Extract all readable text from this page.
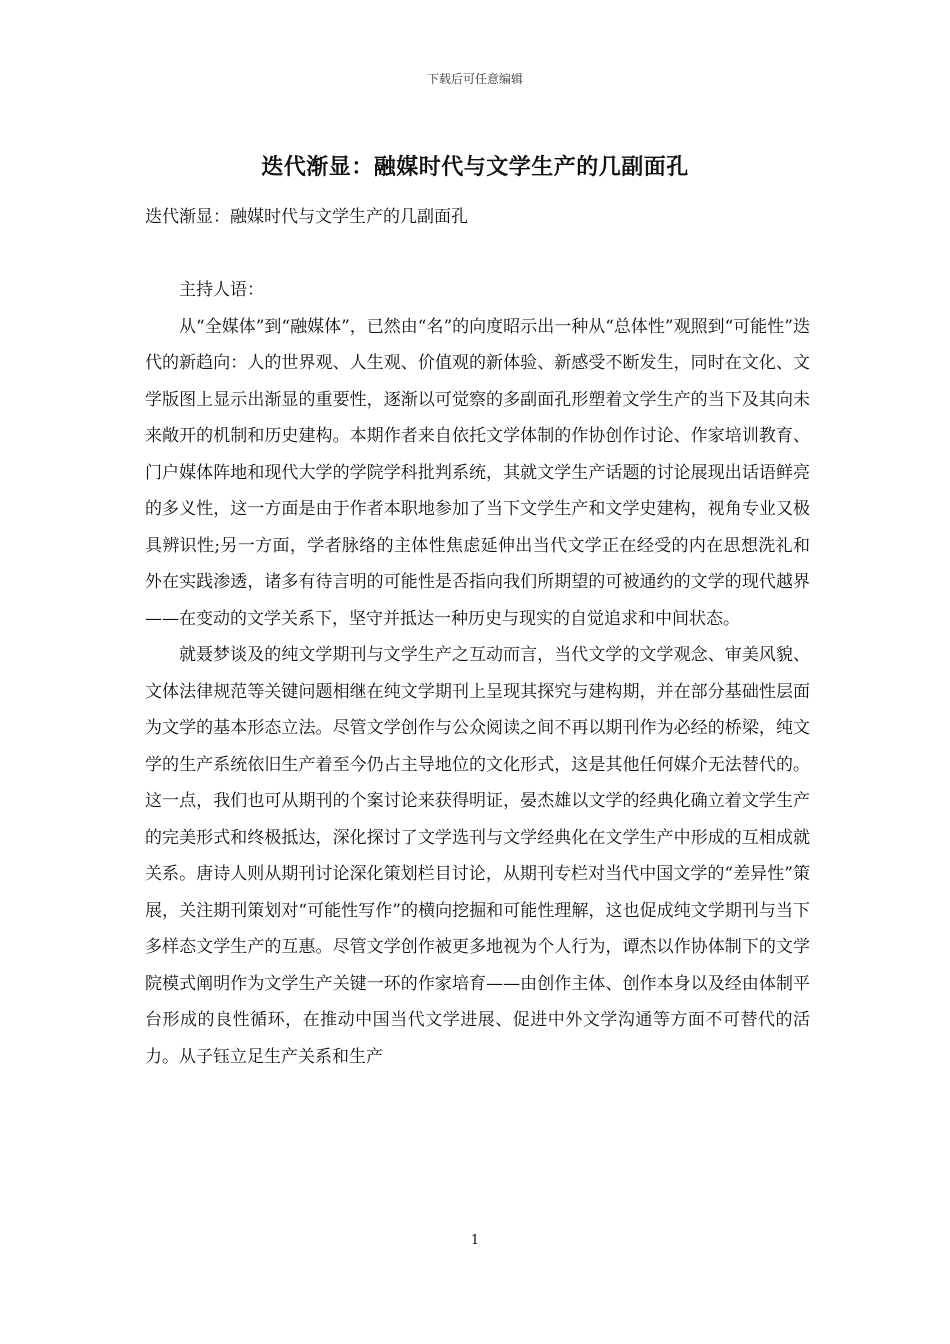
下载后可任意编辑
迭代渐显：融媒时代与文学生产的几副面孔

迭代渐显：融媒时代与文学生产的几副面孔

主持人语：

从“全媒体”到“融媒体”，已然由“名”的向度昭示出一种从“总体性”观照到“可能性”迭代的新趋向：人的世界观、人生观、价值观的新体验、新感受不断发生，同时在文化、文学版图上显示出渐显的重要性，逐渐以可觉察的多副面孔形塑着文学生产的当下及其向未来敞开的机制和历史建构。本期作者来自依托文学体制的作协创作讨论、作家培训教育、门户媒体阵地和现代大学的学院学科批判系统，其就文学生产话题的讨论展现出话语鲜亮的多义性，这一方面是由于作者本职地参加了当下文学生产和文学史建构，视角专业又极具辨识性;另一方面，学者脉络的主体性焦虑延伸出当代文学正在经受的内在思想洗礼和外在实践渗透，诸多有待言明的可能性是否指向我们所期望的可被通约的文学的现代越界——在变动的文学关系下，坚守并抵达一种历史与现实的自觉追求和中间状态。

就聂梦谈及的纯文学期刊与文学生产之互动而言，当代文学的文学观念、审美风貌、文体法律规范等关键问题相继在纯文学期刊上呈现其探究与建构期，并在部分基础性层面为文学的基本形态立法。尽管文学创作与公众阅读之间不再以期刊作为必经的桥梁，纯文学的生产系统依旧生产着至今仍占主导地位的文化形式，这是其他任何媒介无法替代的。这一点，我们也可从期刊的个案讨论来获得明证，晏杰雄以文学的经典化确立着文学生产的完美形式和终极抵达，深化探讨了文学选刊与文学经典化在文学生产中形成的互相成就关系。唐诗人则从期刊讨论深化策划栏目讨论，从期刊专栏对当代中国文学的“差异性”策展，关注期刊策划对“可能性写作”的横向挖掘和可能性理解，这也促成纯文学期刊与当下多样态文学生产的互惠。尽管文学创作被更多地视为个人行为，谭杰以作协体制下的文学院模式阐明作为文学生产关键一环的作家培育——由创作主体、创作本身以及经由体制平台形成的良性循环，在推动中国当代文学进展、促进中外文学沟通等方面不可替代的活力。从子钰立足生产关系和生产

1
